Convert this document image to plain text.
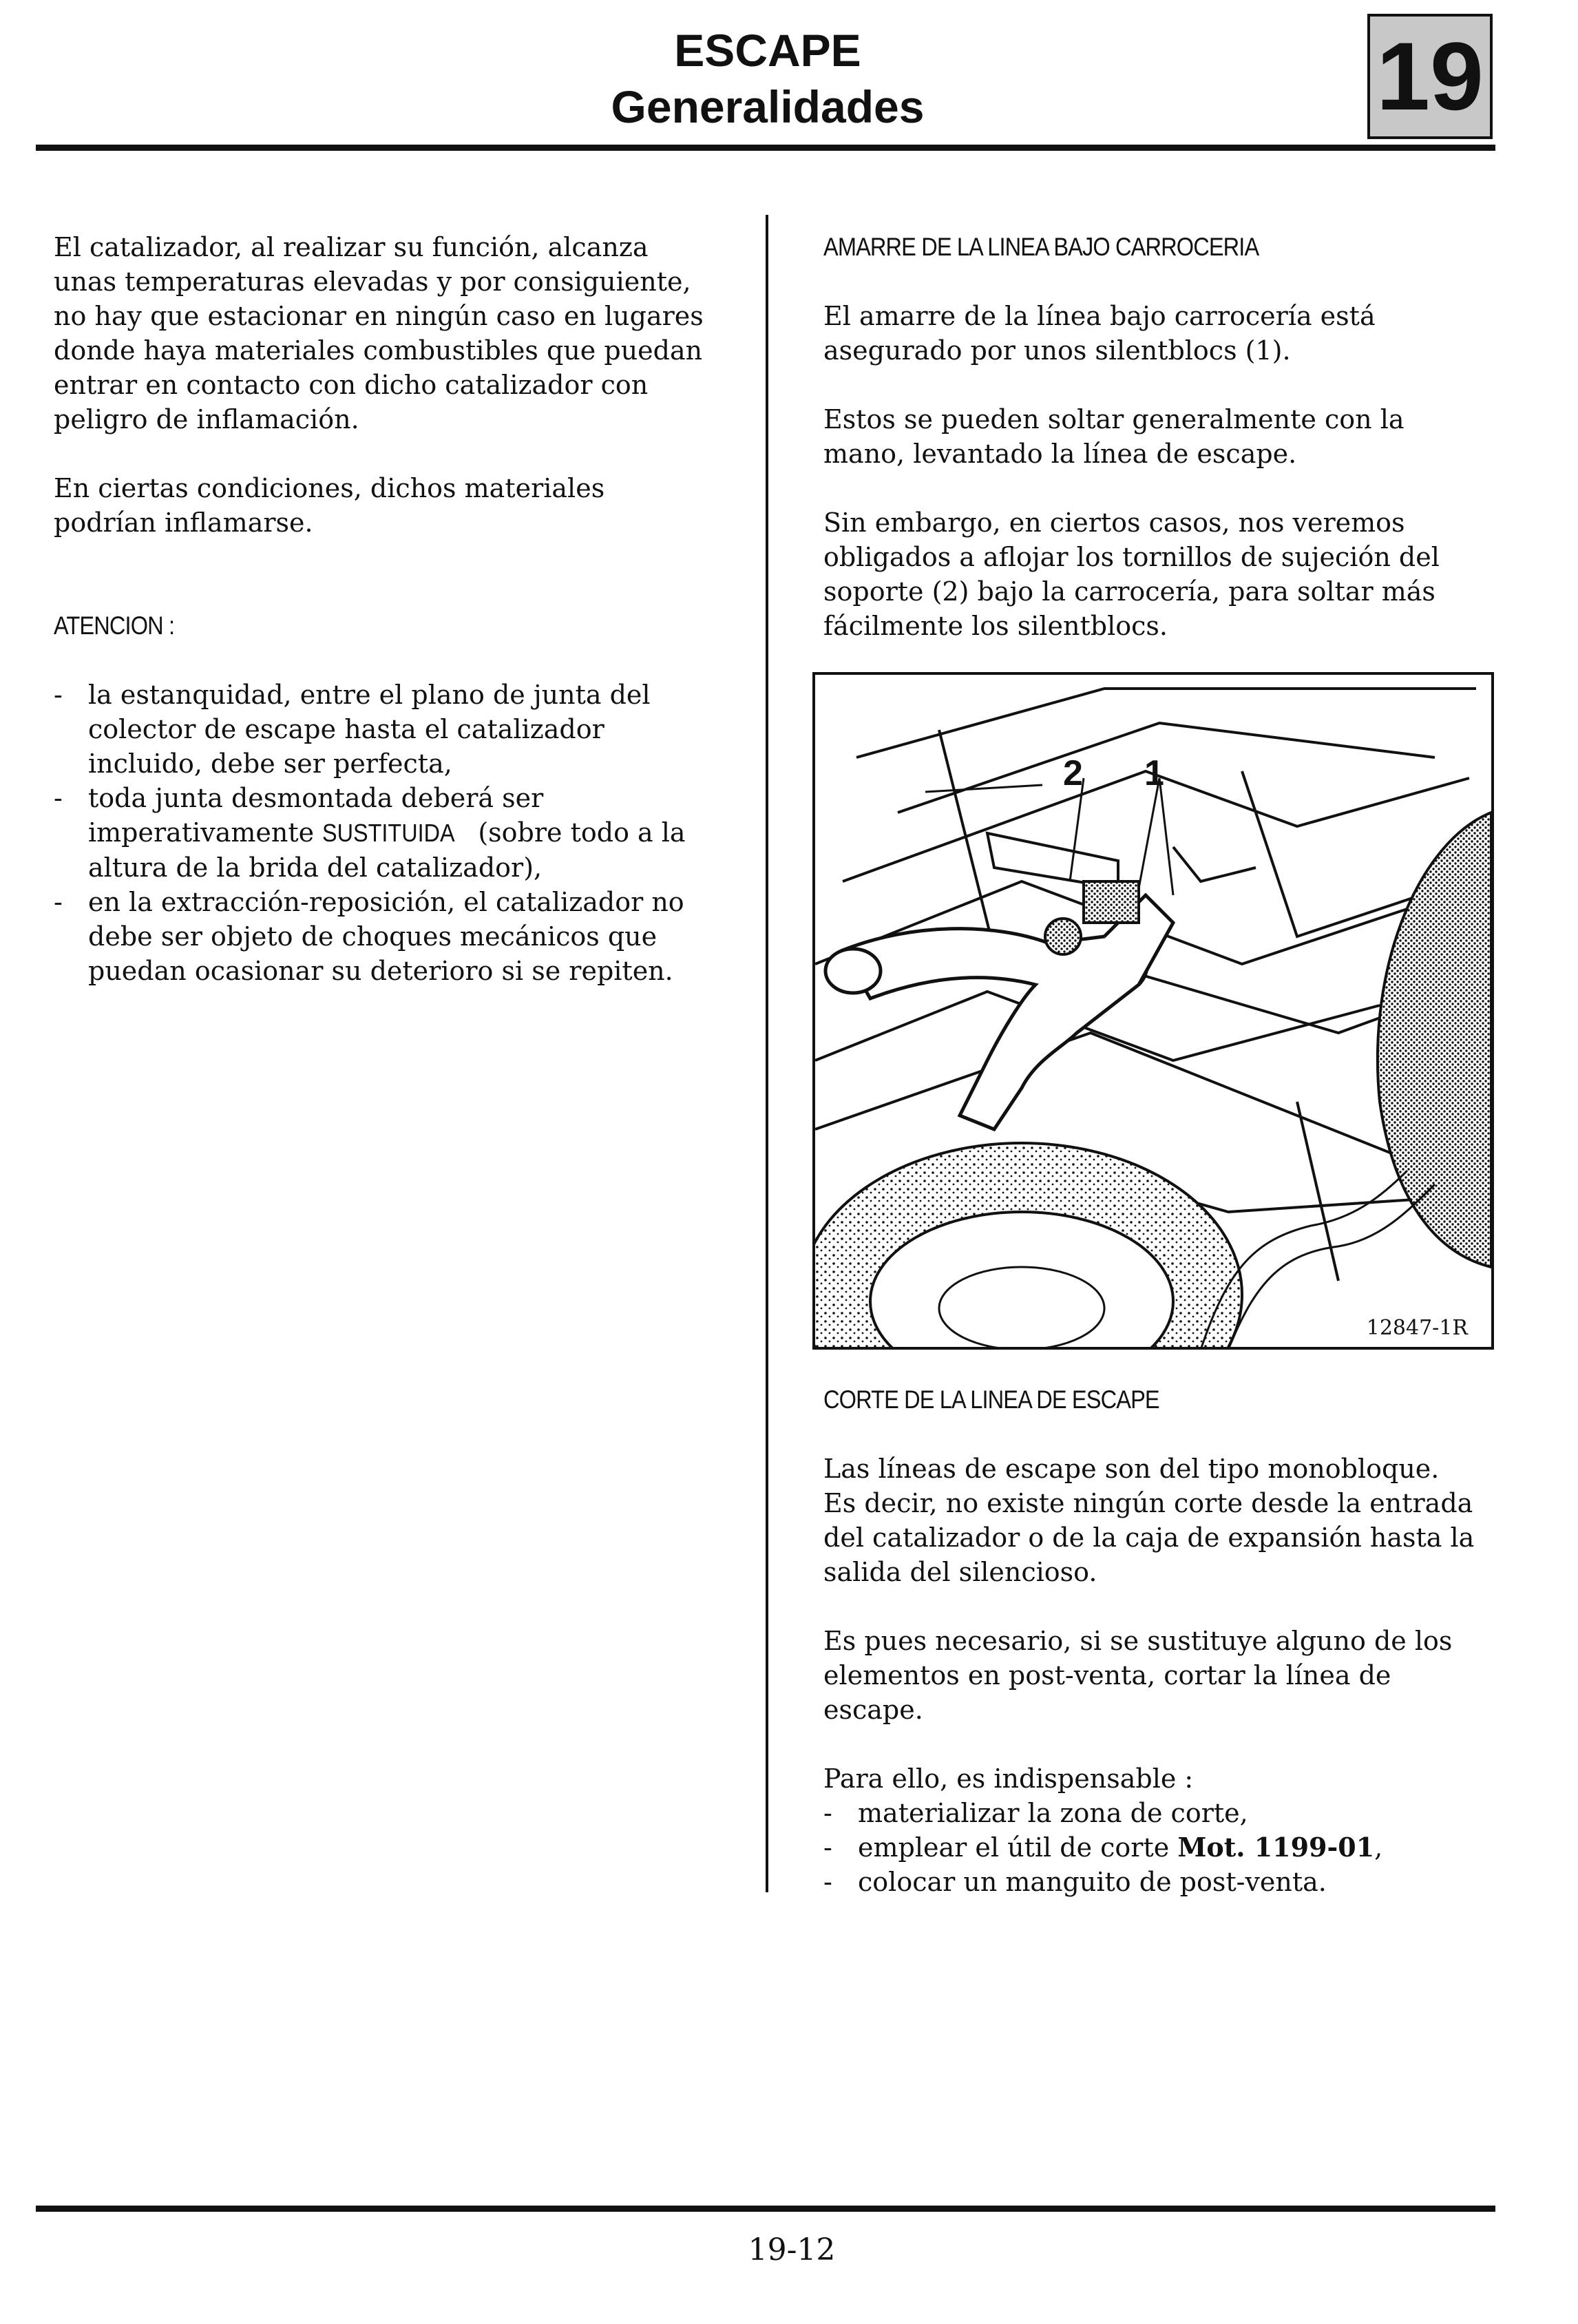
ESCAPE
Generalidades	19

El catalizador, al realizar su función, alcanza unas temperaturas elevadas y por consiguiente, no hay que estacionar en ningún caso en lugares donde haya materiales combustibles que puedan entrar en contacto con dicho catalizador con peligro de inflamación.

En ciertas condiciones, dichos materiales podrían inflamarse.

ATENCION :

- la estanquidad, entre el plano de junta del colector de escape hasta el catalizador incluido, debe ser perfecta,
- toda junta desmontada deberá ser imperativamente SUSTITUIDA (sobre todo a la altura de la brida del catalizador),
- en la extracción-reposición, el catalizador no debe ser objeto de choques mecánicos que puedan ocasionar su deterioro si se repiten.

AMARRE DE LA LINEA BAJO CARROCERIA

El amarre de la línea bajo carrocería está asegurado por unos silentblocs (1).

Estos se pueden soltar generalmente con la mano, levantado la línea de escape.

Sin embargo, en ciertos casos, nos veremos obligados a aflojar los tornillos de sujeción del soporte (2) bajo la carrocería, para soltar más fácilmente los silentblocs.

2 1
12847-1R

CORTE DE LA LINEA DE ESCAPE

Las líneas de escape son del tipo monobloque. Es decir, no existe ningún corte desde la entrada del catalizador o de la caja de expansión hasta la salida del silencioso.

Es pues necesario, si se sustituye alguno de los elementos en post-venta, cortar la línea de escape.

Para ello, es indispensable :

- materializar la zona de corte,
- emplear el útil de corte Mot. 1199-01,
- colocar un manguito de post-venta.
19-12
